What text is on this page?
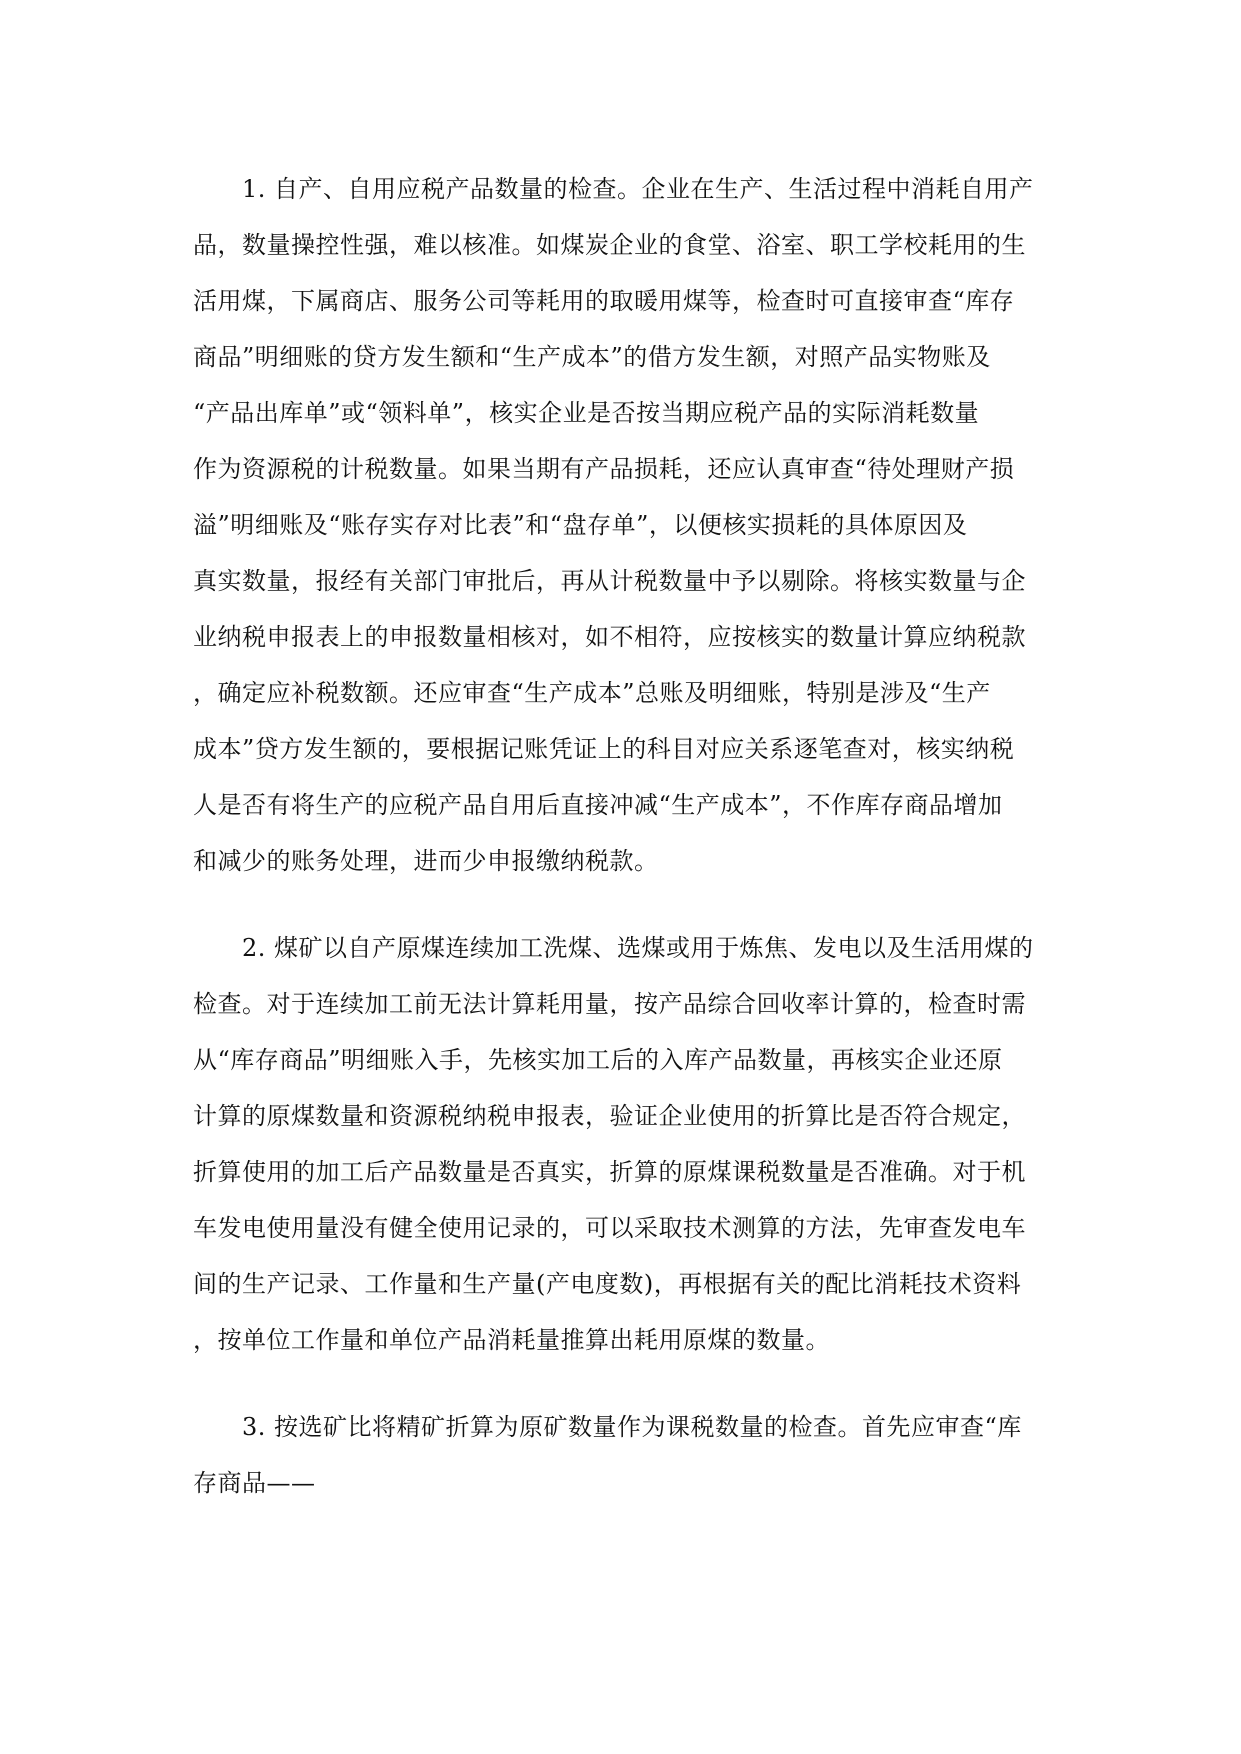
1. 自产、自用应税产品数量的检查。企业在生产、生活过程中消耗自用产

品，数量操控性强，难以核准。如煤炭企业的食堂、浴室、职工学校耗用的生

活用煤，下属商店、服务公司等耗用的取暖用煤等，检查时可直接审查“库存

商品”明细账的贷方发生额和“生产成本”的借方发生额，对照产品实物账及

“产品出库单”或“领料单”，核实企业是否按当期应税产品的实际消耗数量

作为资源税的计税数量。如果当期有产品损耗，还应认真审查“待处理财产损

溢”明细账及“账存实存对比表”和“盘存单”，以便核实损耗的具体原因及

真实数量，报经有关部门审批后，再从计税数量中予以剔除。将核实数量与企

业纳税申报表上的申报数量相核对，如不相符，应按核实的数量计算应纳税款

，确定应补税数额。还应审查“生产成本”总账及明细账，特别是涉及“生产

成本”贷方发生额的，要根据记账凭证上的科目对应关系逐笔查对，核实纳税

人是否有将生产的应税产品自用后直接冲减“生产成本”，不作库存商品增加

和减少的账务处理，进而少申报缴纳税款。

2. 煤矿以自产原煤连续加工洗煤、选煤或用于炼焦、发电以及生活用煤的

检查。对于连续加工前无法计算耗用量，按产品综合回收率计算的，检查时需

从“库存商品”明细账入手，先核实加工后的入库产品数量，再核实企业还原

计算的原煤数量和资源税纳税申报表，验证企业使用的折算比是否符合规定，

折算使用的加工后产品数量是否真实，折算的原煤课税数量是否准确。对于机

车发电使用量没有健全使用记录的，可以采取技术测算的方法，先审查发电车

间的生产记录、工作量和生产量(产电度数)，再根据有关的配比消耗技术资料

，按单位工作量和单位产品消耗量推算出耗用原煤的数量。

3. 按选矿比将精矿折算为原矿数量作为课税数量的检查。首先应审查“库

存商品——
